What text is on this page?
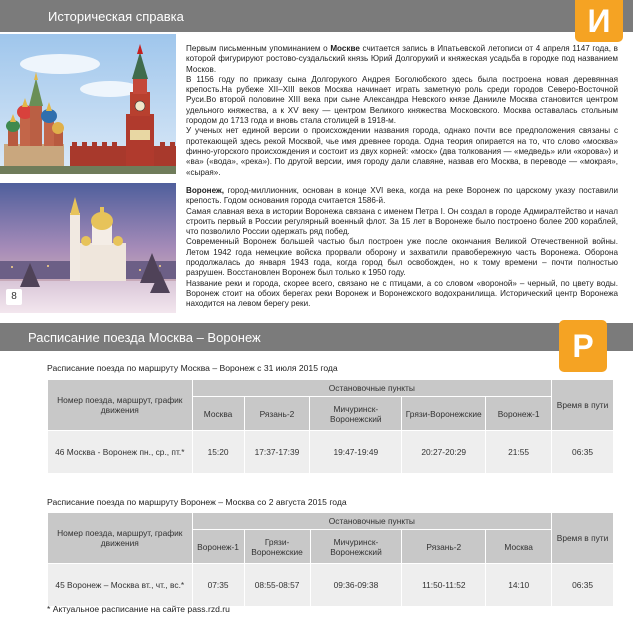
Историческая справка	И

Первым письменным упоминанием о Москве считается запись в Ипатьевской летописи от 4 апреля 1147 года, в которой фигурируют ростово-суздальский князь Юрий Долгорукий и княжеская усадьба в городке под названием Москов.

В 1156 году по приказу сына Долгорукого Андрея Боголюбского здесь была построена новая деревянная крепость.На рубеже XII–XIII веков Москва начинает играть заметную роль среди городов Северо-Восточной Руси.Во второй половине XIII века при сыне Александра Невского князе Данииле Москва становится центром удельного княжества, а к XV веку — центром Великого княжества Московского. Москва оставалась стольным городом до 1713 года и вновь стала столицей в 1918-м.

У ученых нет единой версии о происхождении названия города, однако почти все предположения связаны с протекающей здесь рекой Москвой, чье имя древнее города. Одна теория опирается на то, что слово «москва» финно-угорского происхождения и состоит из двух корней: «моск» (два толкования — «медведь» или «корова») и «ва» («вода», «река»). По другой версии, имя городу дали славяне, назвав его Москва, в переводе — «мокрая», «сырая».

8

Воронеж, город-миллионник, основан в конце XVI века, когда на реке Воронеж по царскому указу поставили крепость. Годом основания города считается 1586-й.

Самая славная веха в истории Воронежа связана с именем Петра I. Он создал в городе Адмиралтейство и начал строить первый в России регулярный военный флот. За 15 лет в Воронеже было построено более 200 кораблей, что позволило России одержать ряд побед.

Современный Воронеж большей частью был построен уже после окончания Великой Отечественной войны. Летом 1942 года немецкие войска прорвали оборону и захватили правобережную часть Воронежа. Оборона продолжалась до января 1943 года, когда город был освобожден, но к тому времени – почти полностью разрушен. Восстановлен Воронеж был только к 1950 году.

Название реки и города, скорее всего, связано не с птицами, а со словом «вороной» – черный, по цвету воды. Воронеж стоит на обоих берегах реки Воронеж и Воронежского водохранилища. Исторический центр Воронежа находится на левом берегу реки.

Расписание поезда Москва – Воронеж	Р
Расписание поезда по маршруту Москва – Воронеж с 31 июля 2015 года
Номер поезда, маршрут, график движения	Остановочные пункты					Время в пути
	Москва	Рязань-2	Мичуринск-Воронежский	Грязи-Воронежские	Воронеж-1	
46 Москва - Воронеж пн., ср., пт.*	15:20	17:37-17:39	19:47-19:49	20:27-20:29	21:55	06:35
Расписание поезда по маршруту Воронеж – Москва со 2 августа 2015 года
Номер поезда, маршрут, график движения	Остановочные пункты					Время в пути
	Воронеж-1	Грязи-Воронежские	Мичуринск-Воронежский	Рязань-2	Москва	
45 Воронеж – Москва вт., чт., вс.*	07:35	08:55-08:57	09:36-09:38	11:50-11:52	14:10	06:35
* Актуальное расписание на сайте pass.rzd.ru
